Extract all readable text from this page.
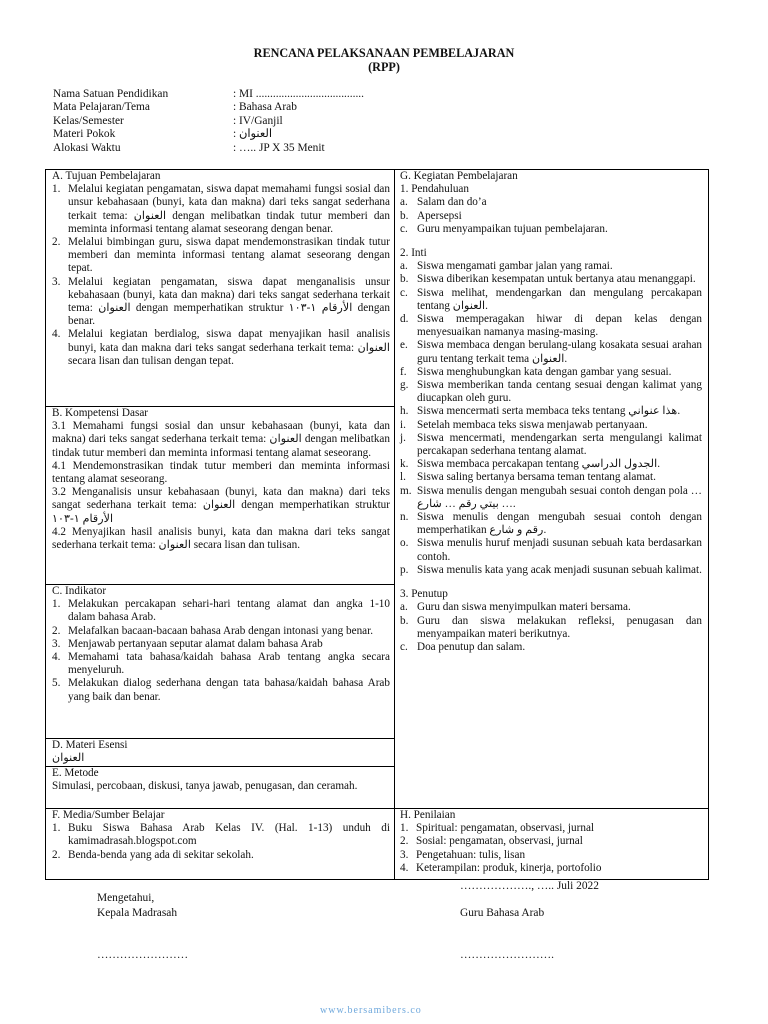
RENCANA PELAKSANAAN PEMBELAJARAN
(RPP)
Nama Satuan Pendidikan	: MI ......................................
Mata Pelajaran/Tema	: Bahasa Arab
Kelas/Semester	: IV/Ganjil
Materi Pokok	: العنوان
Alokasi Waktu	: ….. JP X 35 Menit
A. Tujuan Pembelajaran
1. Melalui kegiatan pengamatan, siswa dapat memahami fungsi sosial dan unsur kebahasaan (bunyi, kata dan makna) dari teks sangat sederhana terkait tema: العنوان dengan melibatkan tindak tutur memberi dan meminta informasi tentang alamat seseorang dengan benar.
2. Melalui bimbingan guru, siswa dapat mendemonstrasikan tindak tutur memberi dan meminta informasi tentang alamat seseorang dengan tepat.
3. Melalui kegiatan pengamatan, siswa dapat menganalisis unsur kebahasaan (bunyi, kata dan makna) dari teks sangat sederhana terkait tema: العنوان dengan memperhatikan struktur الأرقام ١-١٠٣ dengan benar.
4. Melalui kegiatan berdialog, siswa dapat menyajikan hasil analisis bunyi, kata dan makna dari teks sangat sederhana terkait tema: العنوان secara lisan dan tulisan dengan tepat.
B. Kompetensi Dasar
3.1 Memahami fungsi sosial dan unsur kebahasaan (bunyi, kata dan makna) dari teks sangat sederhana terkait tema: العنوان dengan melibatkan tindak tutur memberi dan meminta informasi tentang alamat seseorang.
4.1 Mendemonstrasikan tindak tutur memberi dan meminta informasi tentang alamat seseorang.
3.2 Menganalisis unsur kebahasaan (bunyi, kata dan makna) dari teks sangat sederhana terkait tema: العنوان dengan memperhatikan struktur الأرقام ١-١٠٣
4.2 Menyajikan hasil analisis bunyi, kata dan makna dari teks sangat sederhana terkait tema: العنوان secara lisan dan tulisan.
C. Indikator
1. Melakukan percakapan sehari-hari tentang alamat dan angka 1-10 dalam bahasa Arab.
2. Melafalkan bacaan-bacaan bahasa Arab dengan intonasi yang benar.
3. Menjawab pertanyaan seputar alamat dalam bahasa Arab
4. Memahami tata bahasa/kaidah bahasa Arab tentang angka secara menyeluruh.
5. Melakukan dialog sederhana dengan tata bahasa/kaidah bahasa Arab yang baik dan benar.
D. Materi Esensi
العنوان
E. Metode
Simulasi, percobaan, diskusi, tanya jawab, penugasan, dan ceramah.
F. Media/Sumber Belajar
1. Buku Siswa Bahasa Arab Kelas IV. (Hal. 1-13) unduh di kamimadrasah.blogspot.com
2. Benda-benda yang ada di sekitar sekolah.
G. Kegiatan Pembelajaran
1. Pendahuluan
a. Salam dan do’a
b. Apersepsi
c. Guru menyampaikan tujuan pembelajaran.
2. Inti
a. Siswa mengamati gambar jalan yang ramai.
b. Siswa diberikan kesempatan untuk bertanya atau menanggapi.
c. Siswa melihat, mendengarkan dan mengulang percakapan tentang العنوان.
d. Siswa memperagakan hiwar di depan kelas dengan menyesuaikan namanya masing-masing.
e. Siswa membaca dengan berulang-ulang kosakata sesuai arahan guru tentang terkait tema العنوان.
f. Siswa menghubungkan kata dengan gambar yang sesuai.
g. Siswa memberikan tanda centang sesuai dengan kalimat yang diucapkan oleh guru.
h. Siswa mencermati serta membaca teks tentang هذا عنواني.
i. Setelah membaca teks siswa menjawab pertanyaan.
j. Siswa mencermati, mendengarkan serta mengulangi kalimat percakapan sederhana tentang alamat.
k. Siswa membaca percakapan tentang الجدول الدراسي.
l. Siswa saling bertanya bersama teman tentang alamat.
m. Siswa menulis dengan mengubah sesuai contoh dengan pola … بيتي رقم … شارع ….
n. Siswa menulis dengan mengubah sesuai contoh dengan memperhatikan رقم و شارع.
o. Siswa menulis huruf menjadi susunan sebuah kata berdasarkan contoh.
p. Siswa menulis kata yang acak menjadi susunan sebuah kalimat.
3. Penutup
a. Guru dan siswa menyimpulkan materi bersama.
b. Guru dan siswa melakukan refleksi, penugasan dan menyampaikan materi berikutnya.
c. Doa penutup dan salam.
H. Penilaian
1. Spiritual: pengamatan, observasi, jurnal
2. Sosial: pengamatan, observasi, jurnal
3. Pengetahuan: tulis, lisan
4. Keterampilan: produk, kinerja, portofolio
………………., ….. Juli 2022
Mengetahui,
Kepala Madrasah	Guru Bahasa Arab
……………………	…………………….
www.bersamibers.co
